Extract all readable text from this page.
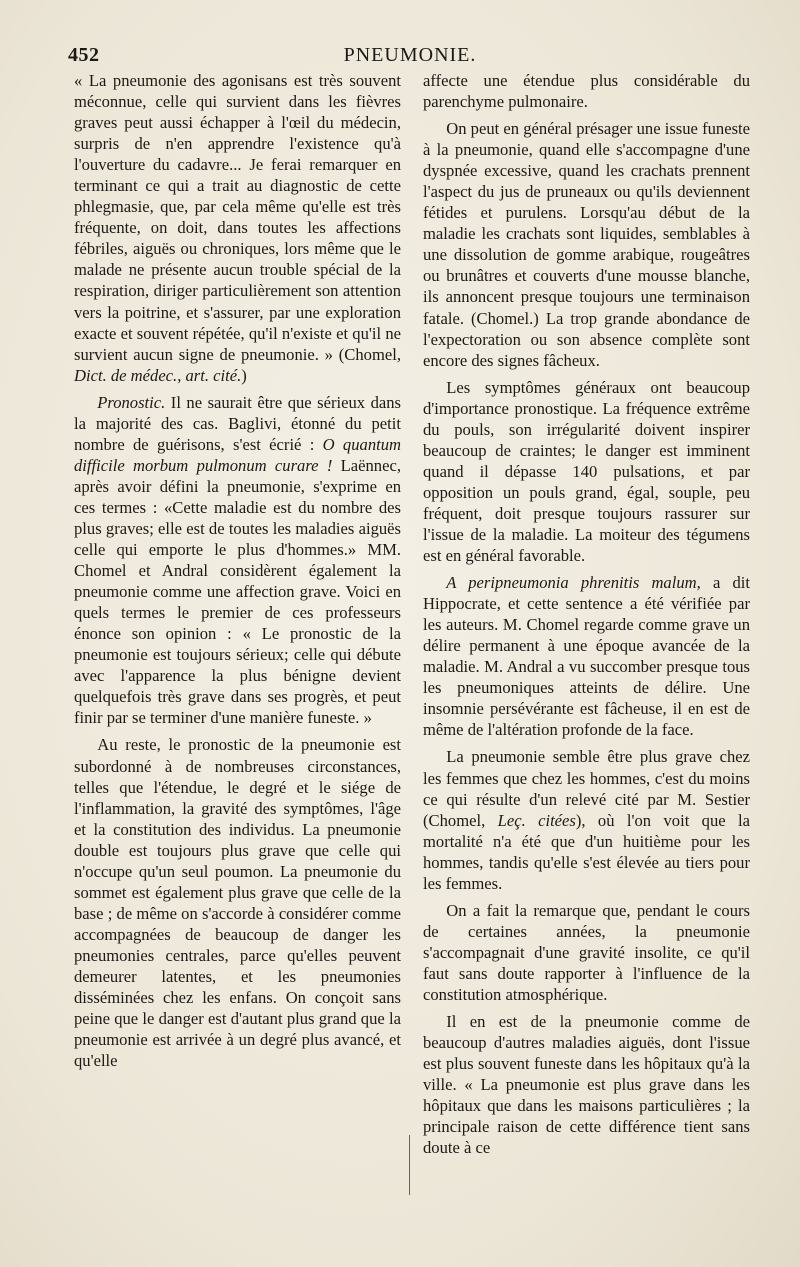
452	PNEUMONIE.

« La pneumonie des agonisans est très souvent méconnue, celle qui survient dans les fièvres graves peut aussi échapper à l'œil du médecin, surpris de n'en apprendre l'existence qu'à l'ouverture du cadavre... Je ferai remarquer en terminant ce qui a trait au diagnostic de cette phlegmasie, que, par cela même qu'elle est très fréquente, on doit, dans toutes les affections fébriles, aiguës ou chroniques, lors même que le malade ne présente aucun trouble spécial de la respiration, diriger particulièrement son attention vers la poitrine, et s'assurer, par une exploration exacte et souvent répétée, qu'il n'existe et qu'il ne survient aucun signe de pneumonie. » (Chomel, Dict. de médec., art. cité.)

Pronostic. Il ne saurait être que sérieux dans la majorité des cas. Baglivi, étonné du petit nombre de guérisons, s'est écrié : O quantum difficile morbum pulmonum curare ! Laënnec, après avoir défini la pneumonie, s'exprime en ces termes : «Cette maladie est du nombre des plus graves; elle est de toutes les maladies aiguës celle qui emporte le plus d'hommes.» MM. Chomel et Andral considèrent également la pneumonie comme une affection grave. Voici en quels termes le premier de ces professeurs énonce son opinion : « Le pronostic de la pneumonie est toujours sérieux; celle qui débute avec l'apparence la plus bénigne devient quelquefois très grave dans ses progrès, et peut finir par se terminer d'une manière funeste. »

Au reste, le pronostic de la pneumonie est subordonné à de nombreuses circonstances, telles que l'étendue, le degré et le siége de l'inflammation, la gravité des symptômes, l'âge et la constitution des individus. La pneumonie double est toujours plus grave que celle qui n'occupe qu'un seul poumon. La pneumonie du sommet est également plus grave que celle de la base ; de même on s'accorde à considérer comme accompagnées de beaucoup de danger les pneumonies centrales, parce qu'elles peuvent demeurer latentes, et les pneumonies disséminées chez les enfans. On conçoit sans peine que le danger est d'autant plus grand que la pneumonie est arrivée à un degré plus avancé, et qu'elle

affecte une étendue plus considérable du parenchyme pulmonaire.

On peut en général présager une issue funeste à la pneumonie, quand elle s'accompagne d'une dyspnée excessive, quand les crachats prennent l'aspect du jus de pruneaux ou qu'ils deviennent fétides et purulens. Lorsqu'au début de la maladie les crachats sont liquides, semblables à une dissolution de gomme arabique, rougeâtres ou brunâtres et couverts d'une mousse blanche, ils annoncent presque toujours une terminaison fatale. (Chomel.) La trop grande abondance de l'expectoration ou son absence complète sont encore des signes fâcheux.

Les symptômes généraux ont beaucoup d'importance pronostique. La fréquence extrême du pouls, son irrégularité doivent inspirer beaucoup de craintes; le danger est imminent quand il dépasse 140 pulsations, et par opposition un pouls grand, égal, souple, peu fréquent, doit presque toujours rassurer sur l'issue de la maladie. La moiteur des tégumens est en général favorable.

A peripneumonia phrenitis malum, a dit Hippocrate, et cette sentence a été vérifiée par les auteurs. M. Chomel regarde comme grave un délire permanent à une époque avancée de la maladie. M. Andral a vu succomber presque tous les pneumoniques atteints de délire. Une insomnie persévérante est fâcheuse, il en est de même de l'altération profonde de la face.

La pneumonie semble être plus grave chez les femmes que chez les hommes, c'est du moins ce qui résulte d'un relevé cité par M. Sestier (Chomel, Leç. citées), où l'on voit que la mortalité n'a été que d'un huitième pour les hommes, tandis qu'elle s'est élevée au tiers pour les femmes.

On a fait la remarque que, pendant le cours de certaines années, la pneumonie s'accompagnait d'une gravité insolite, ce qu'il faut sans doute rapporter à l'influence de la constitution atmosphérique.

Il en est de la pneumonie comme de beaucoup d'autres maladies aiguës, dont l'issue est plus souvent funeste dans les hôpitaux qu'à la ville. « La pneumonie est plus grave dans les hôpitaux que dans les maisons particulières ; la principale raison de cette différence tient sans doute à ce
